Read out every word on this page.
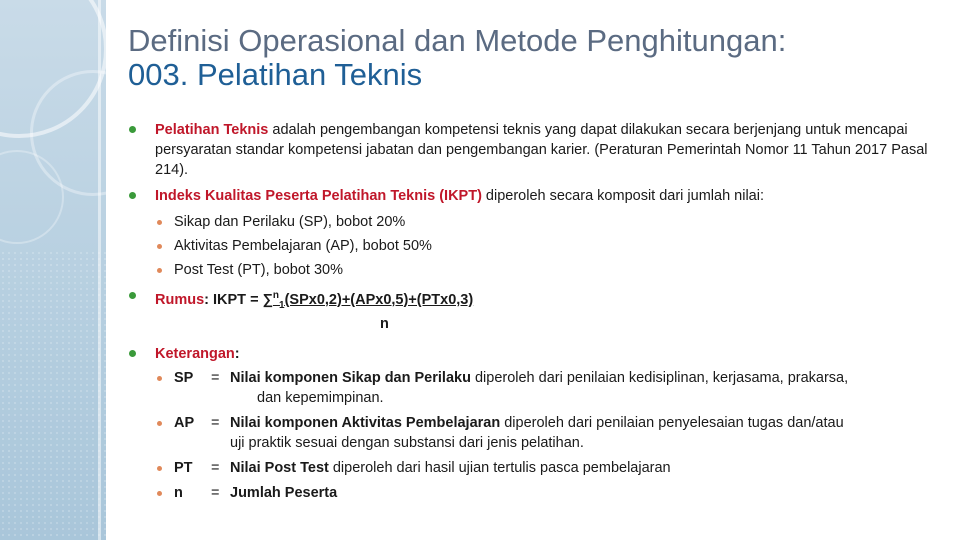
Definisi Operasional dan Metode Penghitungan:
003. Pelatihan Teknis
Pelatihan Teknis adalah pengembangan kompetensi teknis yang dapat dilakukan secara berjenjang untuk mencapai persyaratan standar kompetensi jabatan dan pengembangan karier. (Peraturan Pemerintah Nomor 11 Tahun 2017 Pasal 214).
Indeks Kualitas Peserta Pelatihan Teknis (IKPT) diperoleh secara komposit dari jumlah nilai:
Sikap dan Perilaku (SP), bobot 20%
Aktivitas Pembelajaran (AP), bobot 50%
Post Test (PT), bobot 30%
Rumus: IKPT = ∑$^n_1$(SPx0,2)+(APx0,5)+(PTx0,3)
n
Keterangan:
SP	= Nilai komponen Sikap dan Perilaku diperoleh dari penilaian kedisiplinan, kerjasama, prakarsa,
dan kepemimpinan.
AP	= Nilai komponen Aktivitas Pembelajaran diperoleh dari penilaian penyelesaian tugas dan/atau
uji praktik sesuai dengan substansi dari jenis pelatihan.
PT	= Nilai Post Test diperoleh dari hasil ujian tertulis pasca pembelajaran
n	= Jumlah Peserta
